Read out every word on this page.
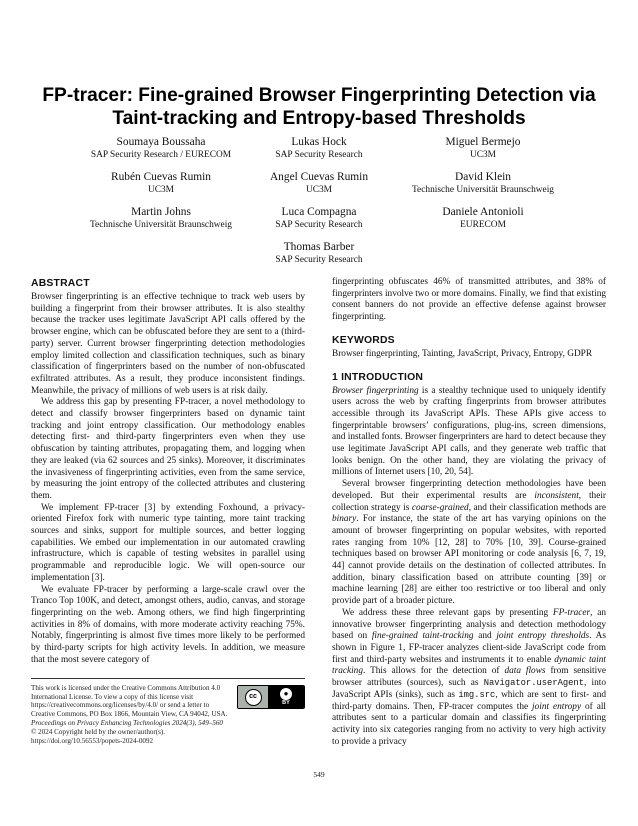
FP-tracer: Fine-grained Browser Fingerprinting Detection via
Taint-tracking and Entropy-based Thresholds
Soumaya Boussaha
SAP Security Research / EURECOM
Lukas Hock
SAP Security Research
Miguel Bermejo
UC3M
Rubén Cuevas Rumin
UC3M
Angel Cuevas Rumin
UC3M
David Klein
Technische Universität Braunschweig
Martin Johns
Technische Universität Braunschweig
Luca Compagna
SAP Security Research
Daniele Antonioli
EURECOM
Thomas Barber
SAP Security Research
ABSTRACT

Browser fingerprinting is an effective technique to track web users by building a fingerprint from their browser attributes. It is also stealthy because the tracker uses legitimate JavaScript API calls offered by the browser engine, which can be obfuscated before they are sent to a (third-party) server. Current browser fingerprinting detection methodologies employ limited collection and classification techniques, such as binary classification of fingerprinters based on the number of non-obfuscated exfiltrated attributes. As a result, they produce inconsistent findings. Meanwhile, the privacy of millions of web users is at risk daily.

We address this gap by presenting FP-tracer, a novel methodology to detect and classify browser fingerprinters based on dynamic taint tracking and joint entropy classification. Our methodology enables detecting first- and third-party fingerprinters even when they use obfuscation by tainting attributes, propagating them, and logging when they are leaked (via 62 sources and 25 sinks). Moreover, it discriminates the invasiveness of fingerprinting activities, even from the same service, by measuring the joint entropy of the collected attributes and clustering them.

We implement FP-tracer [3] by extending Foxhound, a privacy-oriented Firefox fork with numeric type tainting, more taint tracking sources and sinks, support for multiple sources, and better logging capabilities. We embed our implementation in our automated crawling infrastructure, which is capable of testing websites in parallel using programmable and reproducible logic. We will open-source our implementation [3].

We evaluate FP-tracer by performing a large-scale crawl over the Tranco Top 100K, and detect, amongst others, audio, canvas, and storage fingerprinting on the web. Among others, we find high fingerprinting activities in 8% of domains, with more moderate activity reaching 75%. Notably, fingerprinting is almost five times more likely to be performed by third-party scripts for high activity levels. In addition, we measure that the most severe category of

This work is licensed under the Creative Commons Attribution 4.0 International License. To view a copy of this license visit https://creativecommons.org/licenses/by/4.0/ or send a letter to Creative Commons, PO Box 1866, Mountain View, CA 94042, USA.
cc	●
BY
Proceedings on Privacy Enhancing Technologies 2024(3), 549–560
© 2024 Copyright held by the owner/author(s).
https://doi.org/10.56553/popets-2024-0092

fingerprinting obfuscates 46% of transmitted attributes, and 38% of fingerprinters involve two or more domains. Finally, we find that existing consent banners do not provide an effective defense against browser fingerprinting.

KEYWORDS

Browser fingerprinting, Tainting, JavaScript, Privacy, Entropy, GDPR

1 INTRODUCTION

Browser fingerprinting is a stealthy technique used to uniquely identify users across the web by crafting fingerprints from browser attributes accessible through its JavaScript APIs. These APIs give access to fingerprintable browsers’ configurations, plug-ins, screen dimensions, and installed fonts. Browser fingerprinters are hard to detect because they use legitimate JavaScript API calls, and they generate web traffic that looks benign. On the other hand, they are violating the privacy of millions of Internet users [10, 20, 54].

Several browser fingerprinting detection methodologies have been developed. But their experimental results are inconsistent, their collection strategy is coarse-grained, and their classification methods are binary. For instance, the state of the art has varying opinions on the amount of browser fingerprinting on popular websites, with reported rates ranging from 10% [12, 28] to 70% [10, 39]. Course-grained techniques based on browser API monitoring or code analysis [6, 7, 19, 44] cannot provide details on the destination of collected attributes. In addition, binary classification based on attribute counting [39] or machine learning [28] are either too restrictive or too liberal and only provide part of a broader picture.

We address these three relevant gaps by presenting FP-tracer, an innovative browser fingerprinting analysis and detection methodology based on fine-grained taint-tracking and joint entropy thresholds. As shown in Figure 1, FP-tracer analyzes client-side JavaScript code from first and third-party websites and instruments it to enable dynamic taint tracking. This allows for the detection of data flows from sensitive browser attributes (sources), such as Navigator.userAgent, into JavaScript APIs (sinks), such as img.src, which are sent to first- and third-party domains. Then, FP-tracer computes the joint entropy of all attributes sent to a particular domain and classifies its fingerprinting activity into six categories ranging from no activity to very high activity to provide a privacy

549
